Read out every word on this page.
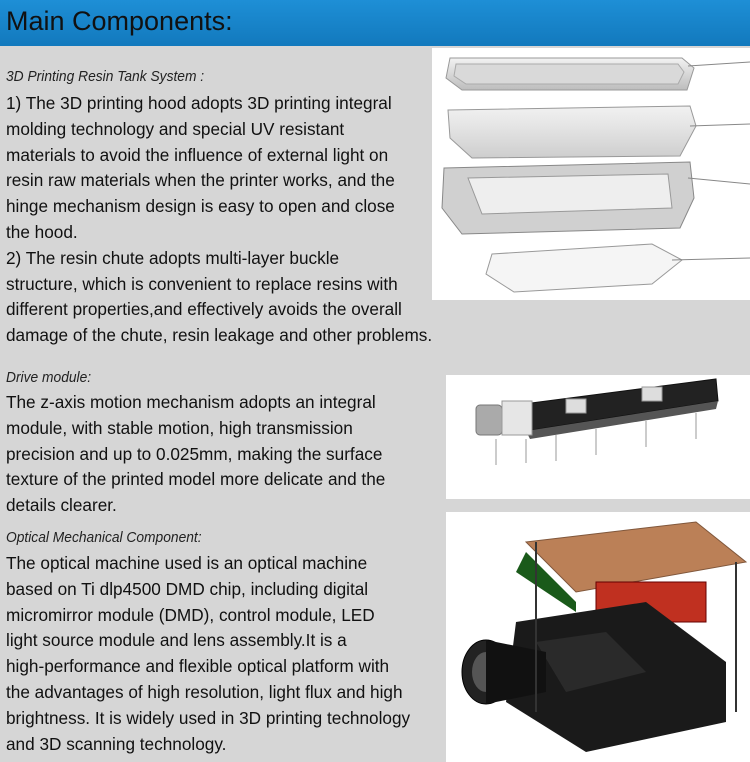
Main Components:
3D Printing Resin Tank System :
1) The 3D printing hood adopts 3D printing integral
molding technology and special UV resistant
materials to avoid the influence of external light on
resin raw materials when the printer works, and the
hinge mechanism design is easy to open and close
the hood.
2) The resin chute adopts multi-layer buckle
structure, which is convenient to replace resins with
different properties,and effectively avoids the overall
damage of the chute, resin leakage and other problems.
Drive module:
The z-axis motion mechanism adopts an integral
module, with stable motion, high transmission
precision and up to 0.025mm, making the surface
texture of the printed model more delicate and the
details clearer.
Optical Mechanical Component:
The optical machine used is an optical machine
based on Ti dlp4500 DMD chip, including digital
micromirror module (DMD), control module, LED
light source module and lens assembly.It is a
high-performance and flexible optical platform with
the advantages of high resolution, light flux and high
brightness. It is widely used in 3D printing technology
and 3D scanning technology.
